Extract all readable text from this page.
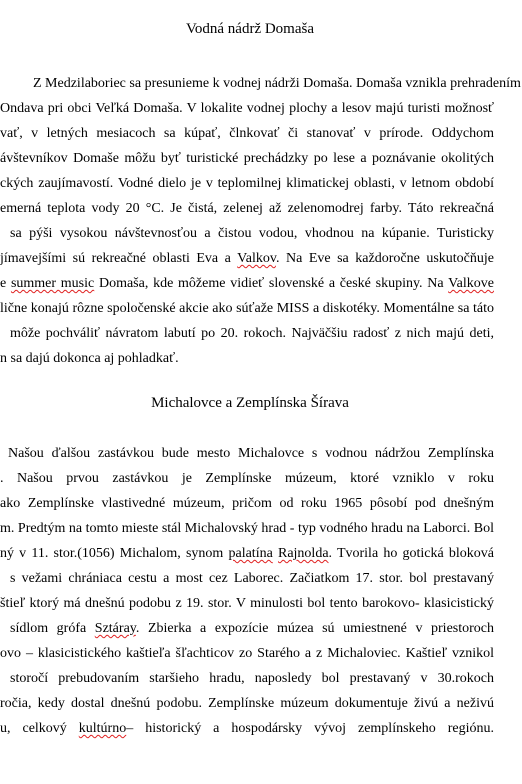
Vodná nádrž Domaša
Z Medzilaboriec sa presunieme k vodnej nádrži Domaša. Domaša vznikla prehradením
Ondava pri obci Veľká Domaša. V lokalite vodnej plochy a lesov majú turisti možnosť
vať, v letných mesiacoch sa kúpať, člnkovať či stanovať v prírode. Oddychom
ávštevníkov Domaše môžu byť turistické prechádzky po lese a poznávanie okolitých
ckých zaujímavostí. Vodné dielo je v teplomilnej klimatickej oblasti, v letnom období
emerná teplota vody 20 °C. Je čistá, zelenej až zelenomodrej farby. Táto rekreačná
sa pýši vysokou návštevnosťou a čistou vodou, vhodnou na kúpanie. Turisticky
jímavejšími sú rekreačné oblasti Eva a Valkov. Na Eve sa každoročne uskutočňuje
e summer music Domaša, kde môžeme vidieť slovenské a české skupiny. Na Valkove
lične konajú rôzne spoločenské akcie ako súťaže MISS a diskotéky. Momentálne sa táto
môže pochváliť návratom labutí po 20. rokoch. Najväčšiu radosť z nich majú deti,
n sa dajú dokonca aj pohladkať.
Michalovce a Zemplínska Šírava
Našou ďalšou zastávkou bude mesto Michalovce s vodnou nádržou Zemplínska
. Našou prvou zastávkou je Zemplínske múzeum, ktoré vzniklo v roku
ako Zemplínske vlastivedné múzeum, pričom od roku 1965 pôsobí pod dnešným
m. Predtým na tomto mieste stál Michalovský hrad - typ vodného hradu na Laborci. Bol
ný v 11. stor.(1056) Michalom, synom palatína Rajnolda. Tvorila ho gotická bloková
s vežami chrániaca cestu a most cez Laborec. Začiatkom 17. stor. bol prestavaný
štieľ ktorý má dnešnú podobu z 19. stor. V minulosti bol tento barokovo- klasicistický
sídlom grófa Sztáray. Zbierka a expozície múzea sú umiestnené v priestoroch
ovo – klasicistického kaštieľa šľachticov zo Starého a z Michaloviec. Kaštieľ vznikol
storočí prebudovaním staršieho hradu, naposledy bol prestavaný v 30.rokoch
ročia, kedy dostal dnešnú podobu. Zemplínske múzeum dokumentuje živú a neživú
u, celkový kultúrno– historický a hospodársky vývoj zemplínskeho regiónu.
